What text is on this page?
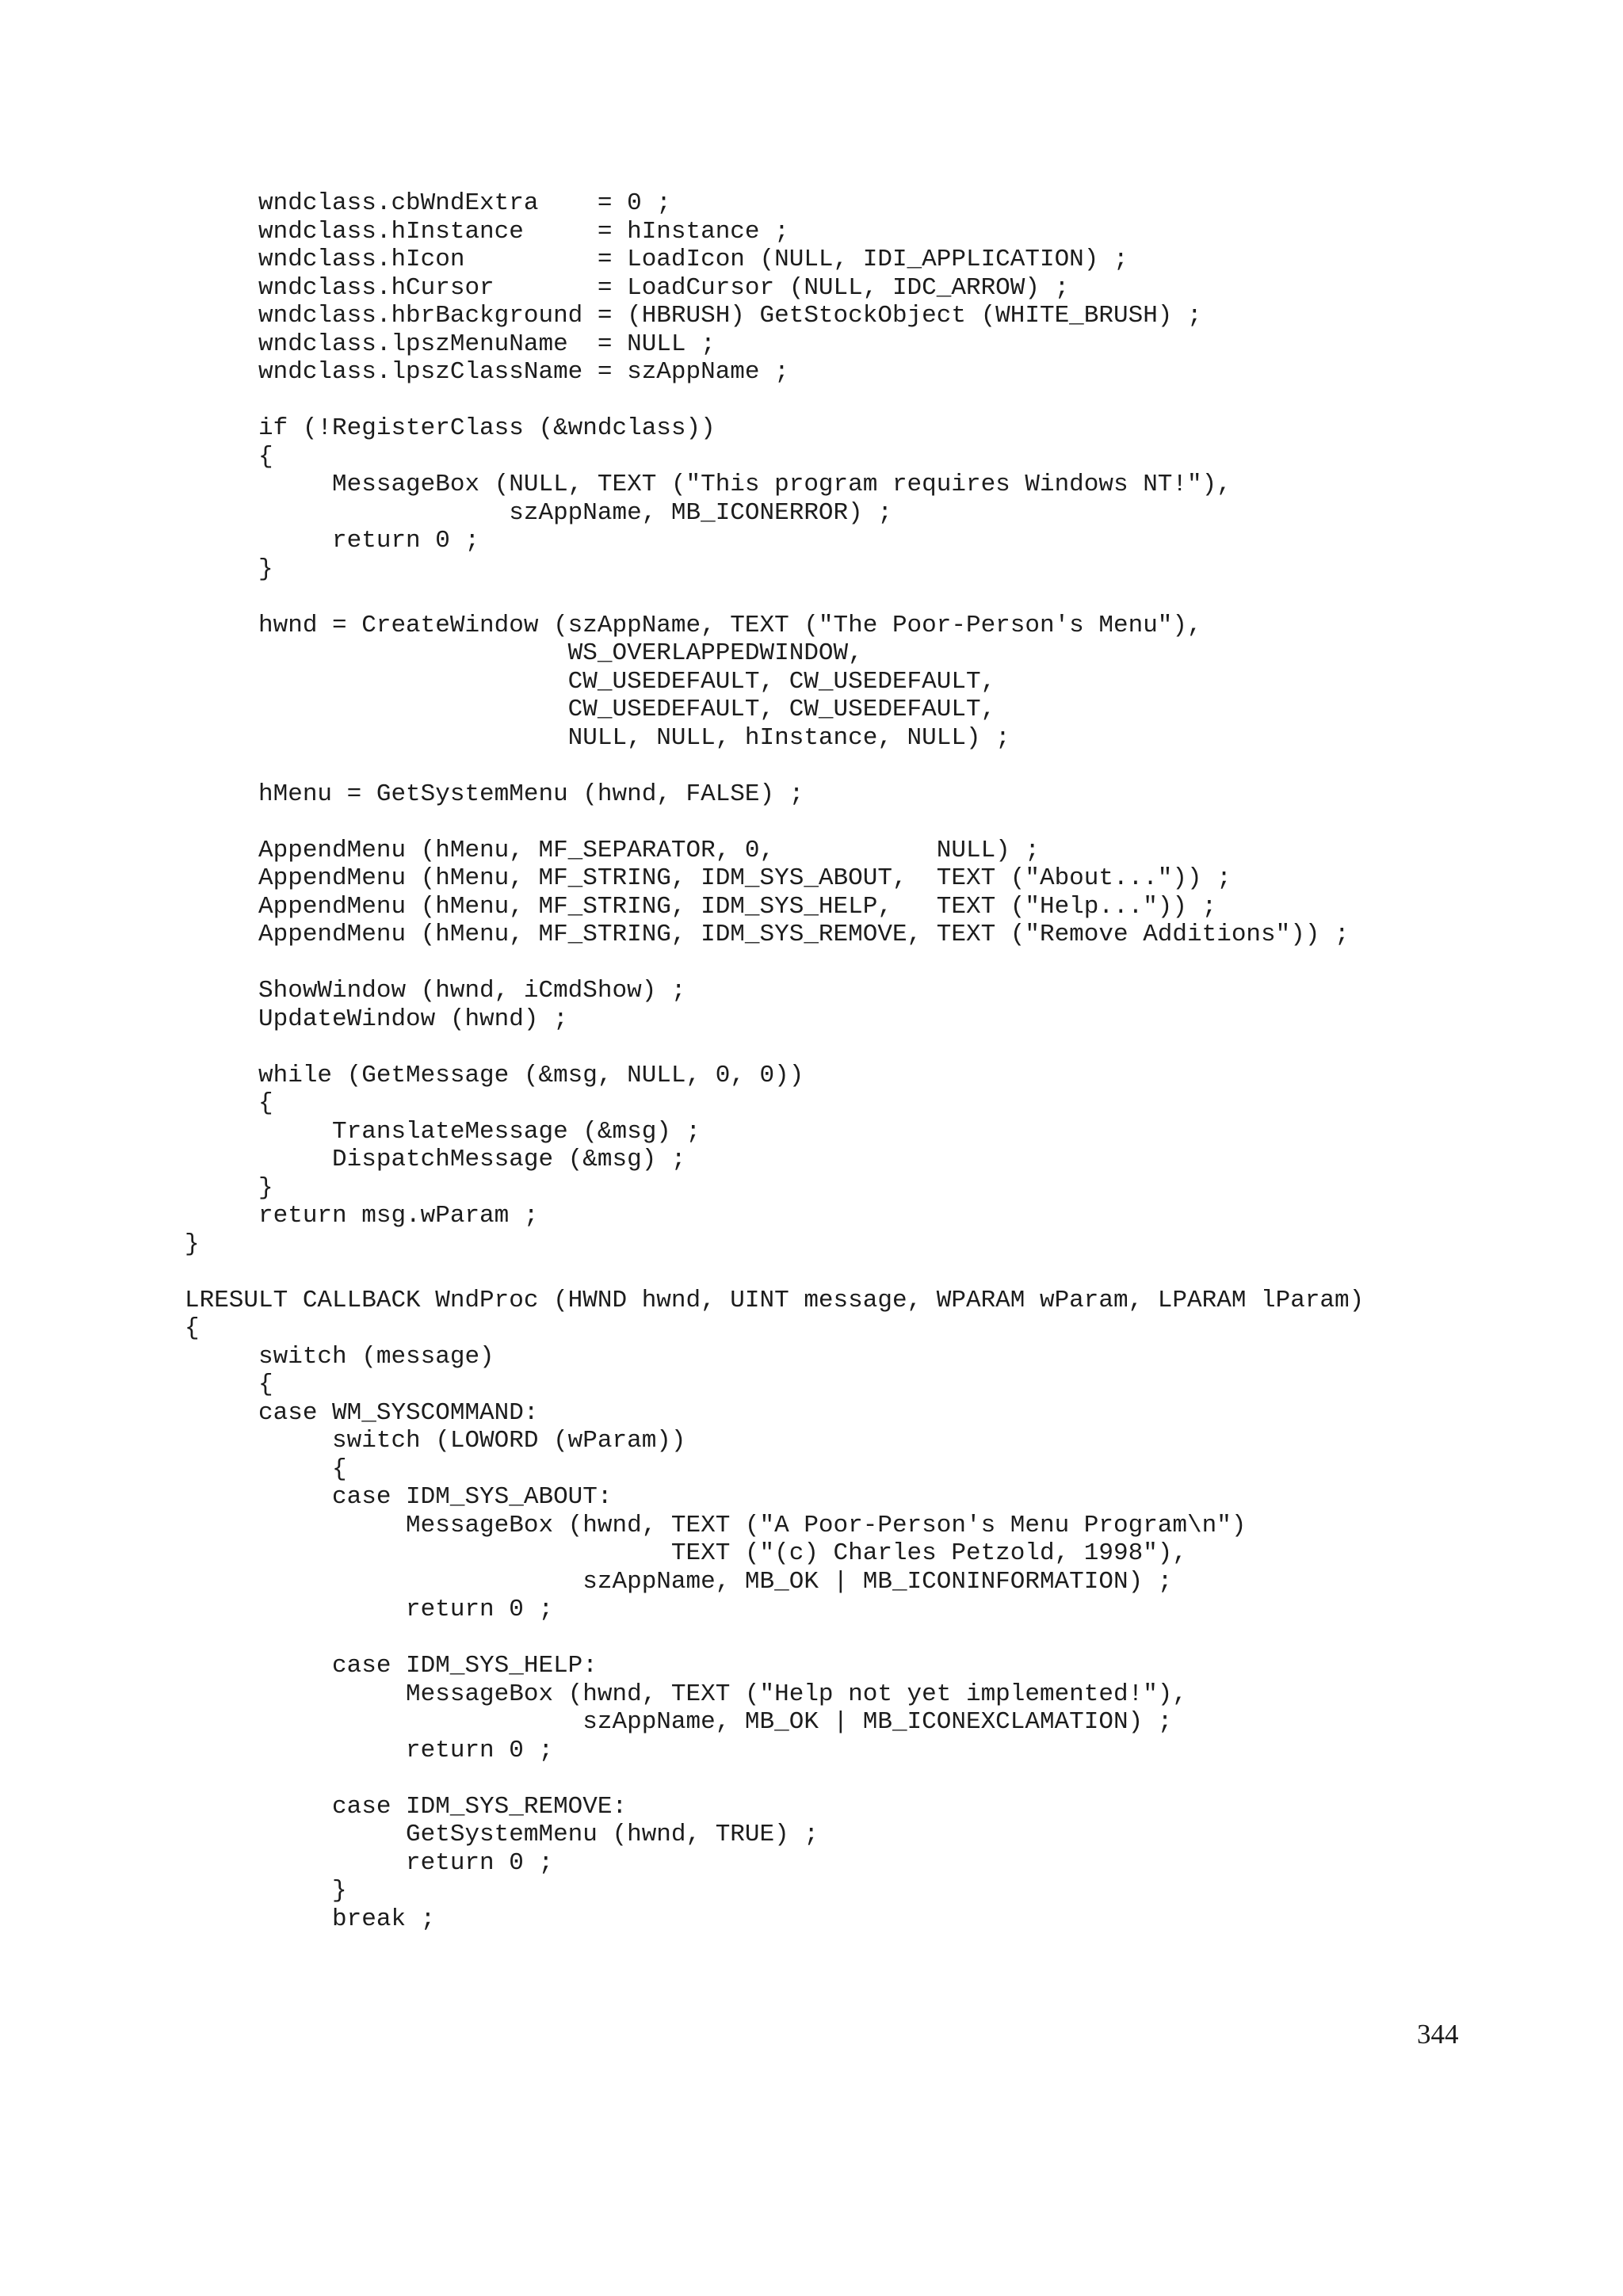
wndclass.cbWndExtra    = 0 ;
wndclass.hInstance     = hInstance ;
wndclass.hIcon         = LoadIcon (NULL, IDI_APPLICATION) ;
wndclass.hCursor       = LoadCursor (NULL, IDC_ARROW) ;
wndclass.hbrBackground = (HBRUSH) GetStockObject (WHITE_BRUSH) ;
wndclass.lpszMenuName  = NULL ;
wndclass.lpszClassName = szAppName ;
if (!RegisterClass (&wndclass))
{
MessageBox (NULL, TEXT ("This program requires Windows NT!"),
szAppName, MB_ICONERROR) ;
return 0 ;
}
hwnd = CreateWindow (szAppName, TEXT ("The Poor-Person's Menu"),
WS_OVERLAPPEDWINDOW,
CW_USEDEFAULT, CW_USEDEFAULT,
CW_USEDEFAULT, CW_USEDEFAULT,
NULL, NULL, hInstance, NULL) ;
hMenu = GetSystemMenu (hwnd, FALSE) ;
AppendMenu (hMenu, MF_SEPARATOR, 0,           NULL) ;
AppendMenu (hMenu, MF_STRING, IDM_SYS_ABOUT,  TEXT ("About...")) ;
AppendMenu (hMenu, MF_STRING, IDM_SYS_HELP,   TEXT ("Help...")) ;
AppendMenu (hMenu, MF_STRING, IDM_SYS_REMOVE, TEXT ("Remove Additions")) ;
ShowWindow (hwnd, iCmdShow) ;
UpdateWindow (hwnd) ;
while (GetMessage (&msg, NULL, 0, 0))
{
TranslateMessage (&msg) ;
DispatchMessage (&msg) ;
}
return msg.wParam ;
}
LRESULT CALLBACK WndProc (HWND hwnd, UINT message, WPARAM wParam, LPARAM lParam)
{
switch (message)
{
case WM_SYSCOMMAND:
switch (LOWORD (wParam))
{
case IDM_SYS_ABOUT:
MessageBox (hwnd, TEXT ("A Poor-Person's Menu Program\n")
TEXT ("(c) Charles Petzold, 1998"),
szAppName, MB_OK | MB_ICONINFORMATION) ;
return 0 ;
case IDM_SYS_HELP:
MessageBox (hwnd, TEXT ("Help not yet implemented!"),
szAppName, MB_OK | MB_ICONEXCLAMATION) ;
return 0 ;
case IDM_SYS_REMOVE:
GetSystemMenu (hwnd, TRUE) ;
return 0 ;
}
break ;
344
